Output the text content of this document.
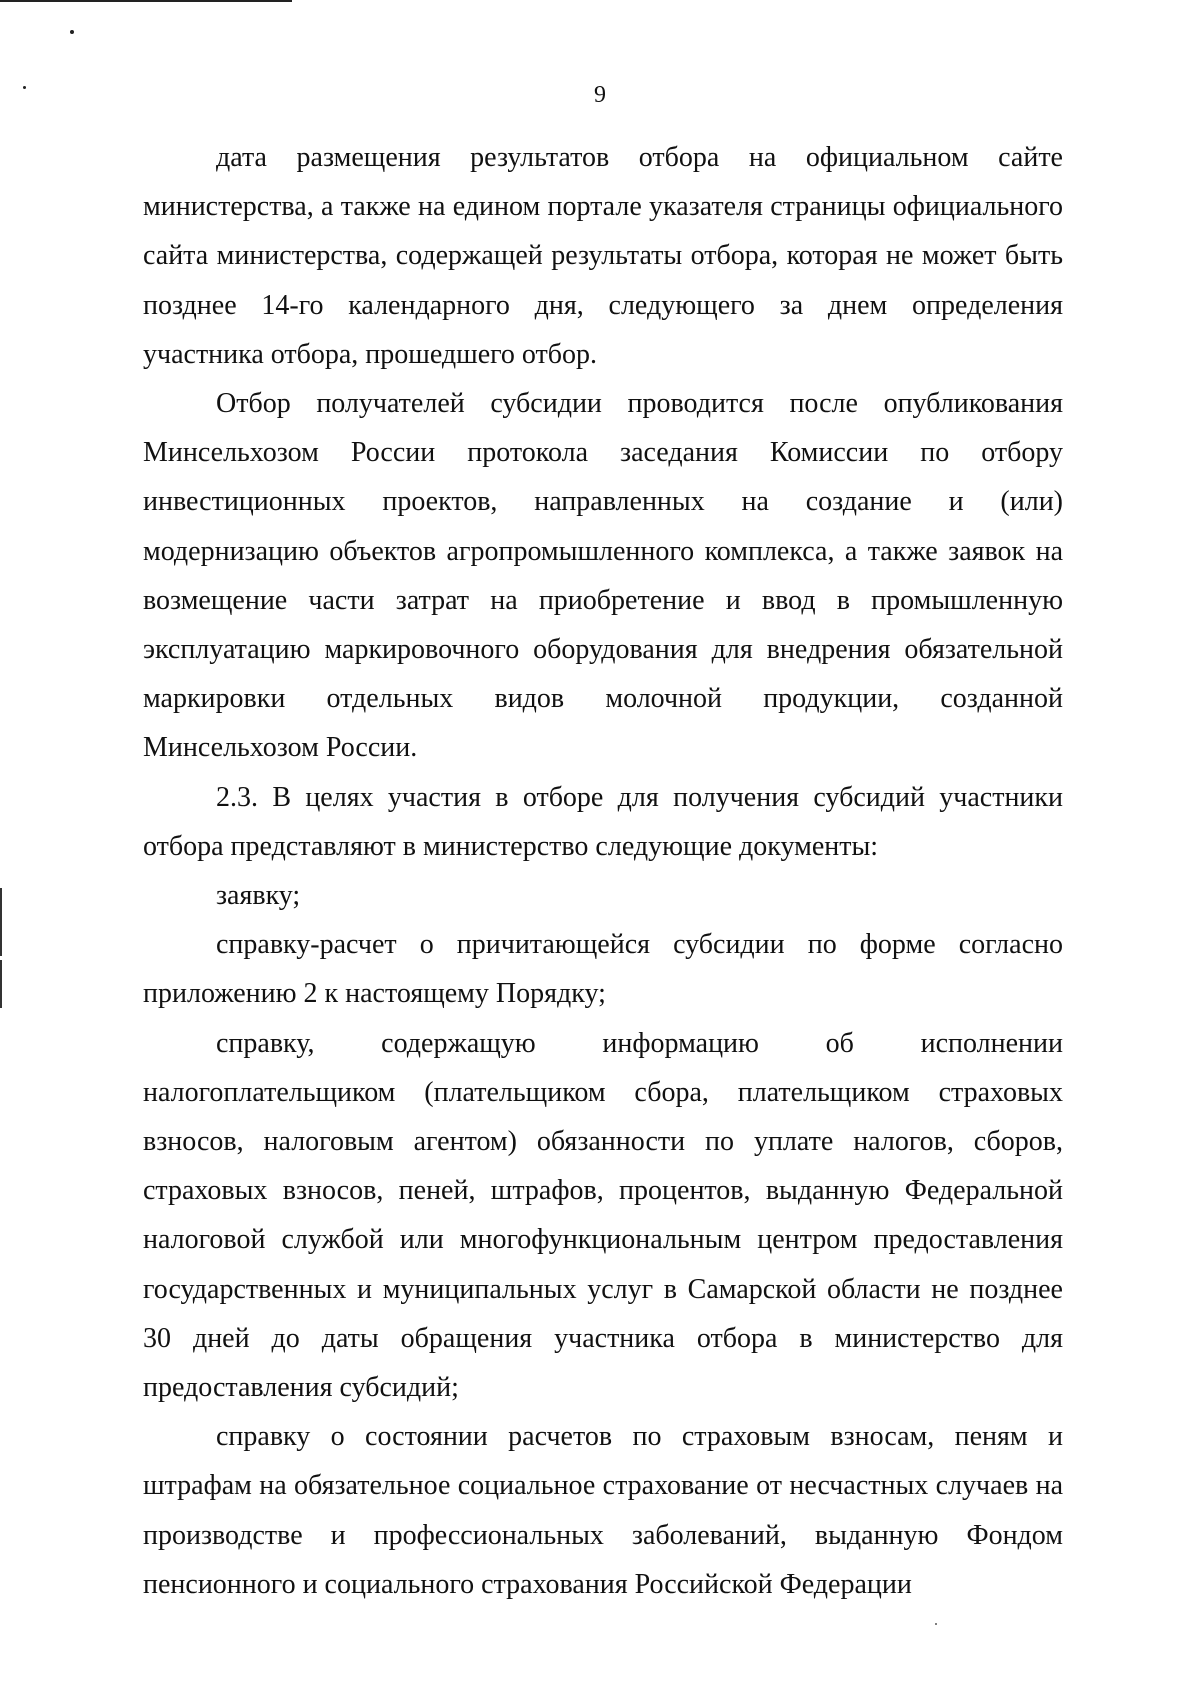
9

дата размещения результатов отбора на официальном сайте министерства, а также на едином портале указателя страницы официального сайта министерства, содержащей результаты отбора, которая не может быть позднее 14-го календарного дня, следующего за днем определения участника отбора, прошедшего отбор.

Отбор получателей субсидии проводится после опубликования Минсельхозом России протокола заседания Комиссии по отбору инвестиционных проектов, направленных на создание и (или) модернизацию объектов агропромышленного комплекса, а также заявок на возмещение части затрат на приобретение и ввод в промышленную эксплуатацию маркировочного оборудования для внедрения обязательной маркировки отдельных видов молочной продукции, созданной Минсельхозом России.

2.3. В целях участия в отборе для получения субсидий участники отбора представляют в министерство следующие документы:

заявку;

справку-расчет о причитающейся субсидии по форме согласно приложению 2 к настоящему Порядку;

справку, содержащую информацию об исполнении налогоплательщиком (плательщиком сбора, плательщиком страховых взносов, налоговым агентом) обязанности по уплате налогов, сборов, страховых взносов, пеней, штрафов, процентов, выданную Федеральной налоговой службой или многофункциональным центром предоставления государственных и муниципальных услуг в Самарской области не позднее 30 дней до даты обращения участника отбора в министерство для предоставления субсидий;

справку о состоянии расчетов по страховым взносам, пеням и штрафам на обязательное социальное страхование от несчастных случаев на производстве и профессиональных заболеваний, выданную Фондом пенсионного и социального страхования Российской Федерации
